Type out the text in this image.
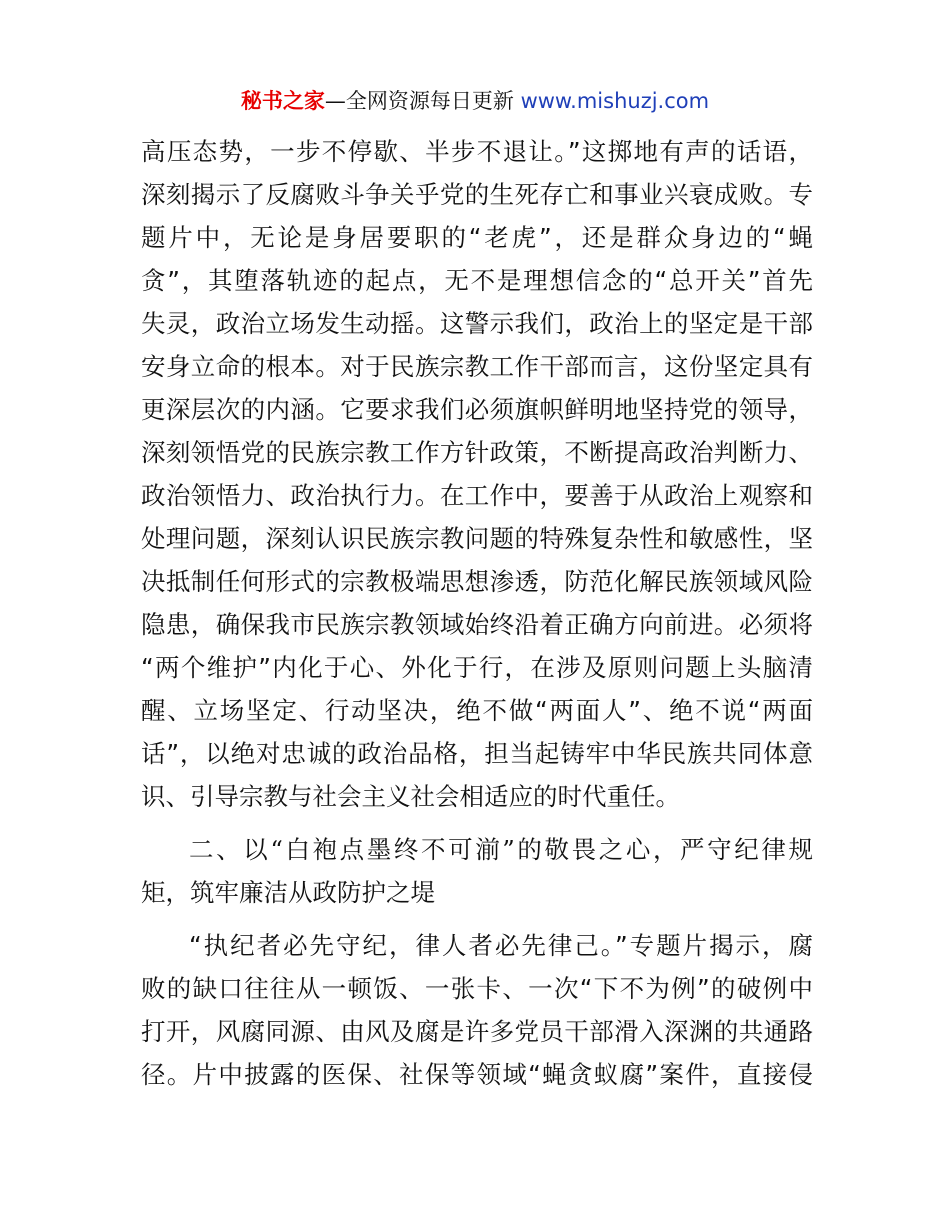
秘书之家—全网资源每日更新 www.mishuzj.com
高压态势，一步不停歇、半步不退让。”这掷地有声的话语，
深刻揭示了反腐败斗争关乎党的生死存亡和事业兴衰成败。专
题片中，无论是身居要职的“老虎”，还是群众身边的“蝇
贪”，其堕落轨迹的起点，无不是理想信念的“总开关”首先
失灵，政治立场发生动摇。这警示我们，政治上的坚定是干部
安身立命的根本。对于民族宗教工作干部而言，这份坚定具有
更深层次的内涵。它要求我们必须旗帜鲜明地坚持党的领导，
深刻领悟党的民族宗教工作方针政策，不断提高政治判断力、
政治领悟力、政治执行力。在工作中，要善于从政治上观察和
处理问题，深刻认识民族宗教问题的特殊复杂性和敏感性，坚
决抵制任何形式的宗教极端思想渗透，防范化解民族领域风险
隐患，确保我市民族宗教领域始终沿着正确方向前进。必须将
“两个维护”内化于心、外化于行，在涉及原则问题上头脑清
醒、立场坚定、行动坚决，绝不做“两面人”、绝不说“两面
话”，以绝对忠诚的政治品格，担当起铸牢中华民族共同体意
识、引导宗教与社会主义社会相适应的时代重任。
二、以“白袍点墨终不可湔”的敬畏之心，严守纪律规
矩，筑牢廉洁从政防护之堤
“执纪者必先守纪，律人者必先律己。”专题片揭示，腐
败的缺口往往从一顿饭、一张卡、一次“下不为例”的破例中
打开，风腐同源、由风及腐是许多党员干部滑入深渊的共通路
径。片中披露的医保、社保等领域“蝇贪蚁腐”案件，直接侵
